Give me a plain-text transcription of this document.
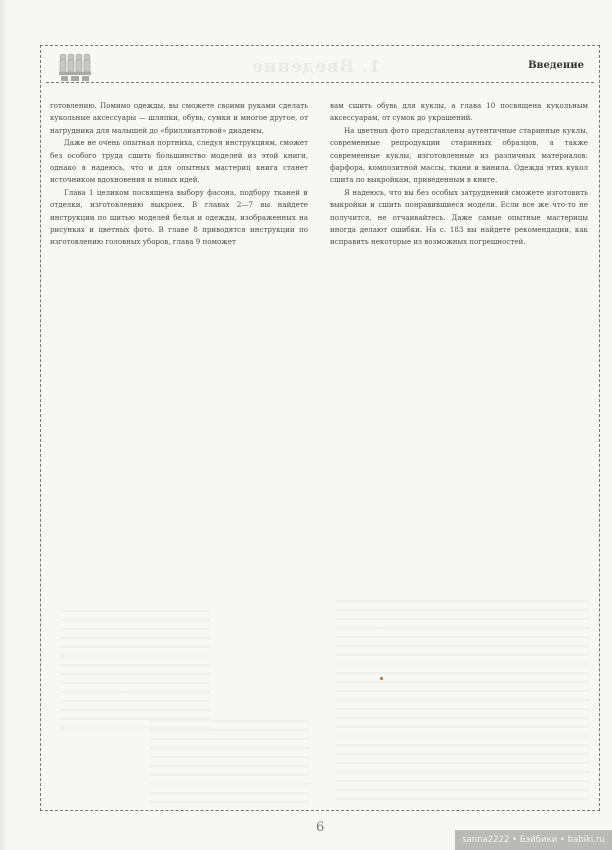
1. Введение	Введение

готовлению. Помимо одежды, вы сможете своими руками сделать кукольные аксессуары — шляпки, обувь, сумки и многое другое, от нагрудника для малышей до «бриллиантовой» диадемы.

Даже не очень опытная портниха, следуя инструкциям, сможет без особого труда сшить большинство моделей из этой книги, однако я надеюсь, что и для опытных мастериц книга станет источником вдохновения и новых идей.

Глава 1 целиком посвящена выбору фасона, подбору тканей и отделки, изготовлению выкроек. В главах 2—7 вы найдете инструкции по шитью моделей белья и одежды, изображенных на рисунках и цветных фото. В главе 8 приводятся инструкции по изготовлению головных уборов, глава 9 поможет

вам сшить обувь для куклы, а глава 10 посвящена кукольным аксессуарам, от сумок до украшений.

На цветных фото представлены аутентичные старинные куклы, современные репродукции старинных образцов, а также современные куклы, изготовленные из различных материалов: фарфора, композитной массы, ткани и винила. Одежда этих кукол сшита по выкройкам, приведенным в книге.

Я надеюсь, что вы без особых затруднений сможете изготовить выкройки и сшить понравившиеся модели. Если все же что-то не получится, не отчаивайтесь. Даже самые опытные мастерицы иногда делают ошибки. На с. 183 вы найдете рекомендации, как исправить некоторые из возможных погрешностей.

6
sanna2222 • Бэйбики • babiki.ru
